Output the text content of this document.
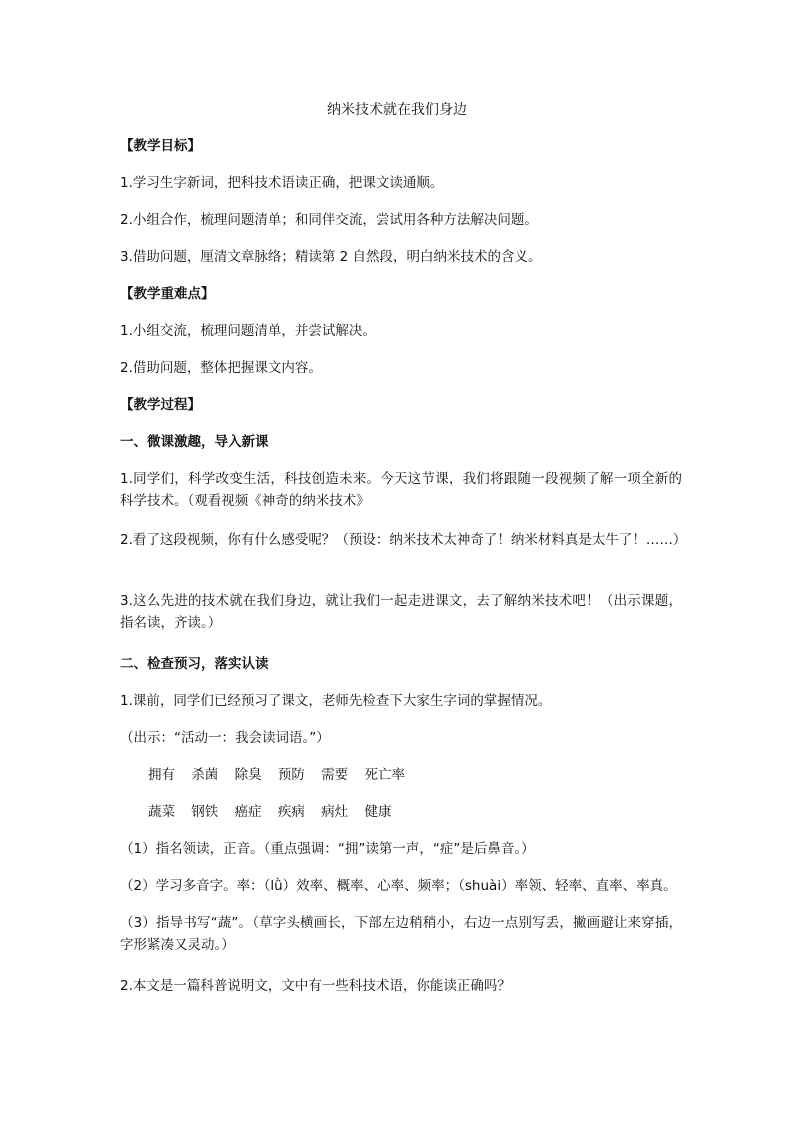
纳米技术就在我们身边
【教学目标】
1.学习生字新词，把科技术语读正确，把课文读通顺。
2.小组合作，梳理问题清单；和同伴交流，尝试用各种方法解决问题。
3.借助问题，厘清文章脉络；精读第 2 自然段，明白纳米技术的含义。
【教学重难点】
1.小组交流，梳理问题清单，并尝试解决。
2.借助问题，整体把握课文内容。
【教学过程】
一、微课激趣，导入新课
1.同学们，科学改变生活，科技创造未来。今天这节课，我们将跟随一段视频了解一项全新的科学技术。（观看视频《神奇的纳米技术》
2.看了这段视频，你有什么感受呢？（预设：纳米技术太神奇了！纳米材料真是太牛了！……）
3.这么先进的技术就在我们身边，就让我们一起走进课文，去了解纳米技术吧！（出示课题，指名读，齐读。）
二、检查预习，落实认读
1.课前，同学们已经预习了课文，老师先检查下大家生字词的掌握情况。
（出示：“活动一：我会读词语。”）
拥有 杀菌 除臭 预防 需要 死亡率
蔬菜 钢铁 癌症 疾病 病灶 健康
（1）指名领读，正音。（重点强调：“拥”读第一声，“症”是后鼻音。）
（2）学习多音字。率：（lǜ）效率、概率、心率、频率；（shuài）率领、轻率、直率、率真。
（3）指导书写“蔬”。（草字头横画长，下部左边稍稍小，右边一点别写丢，撇画避让来穿插，字形紧凑又灵动。）
2.本文是一篇科普说明文，文中有一些科技术语，你能读正确吗？
